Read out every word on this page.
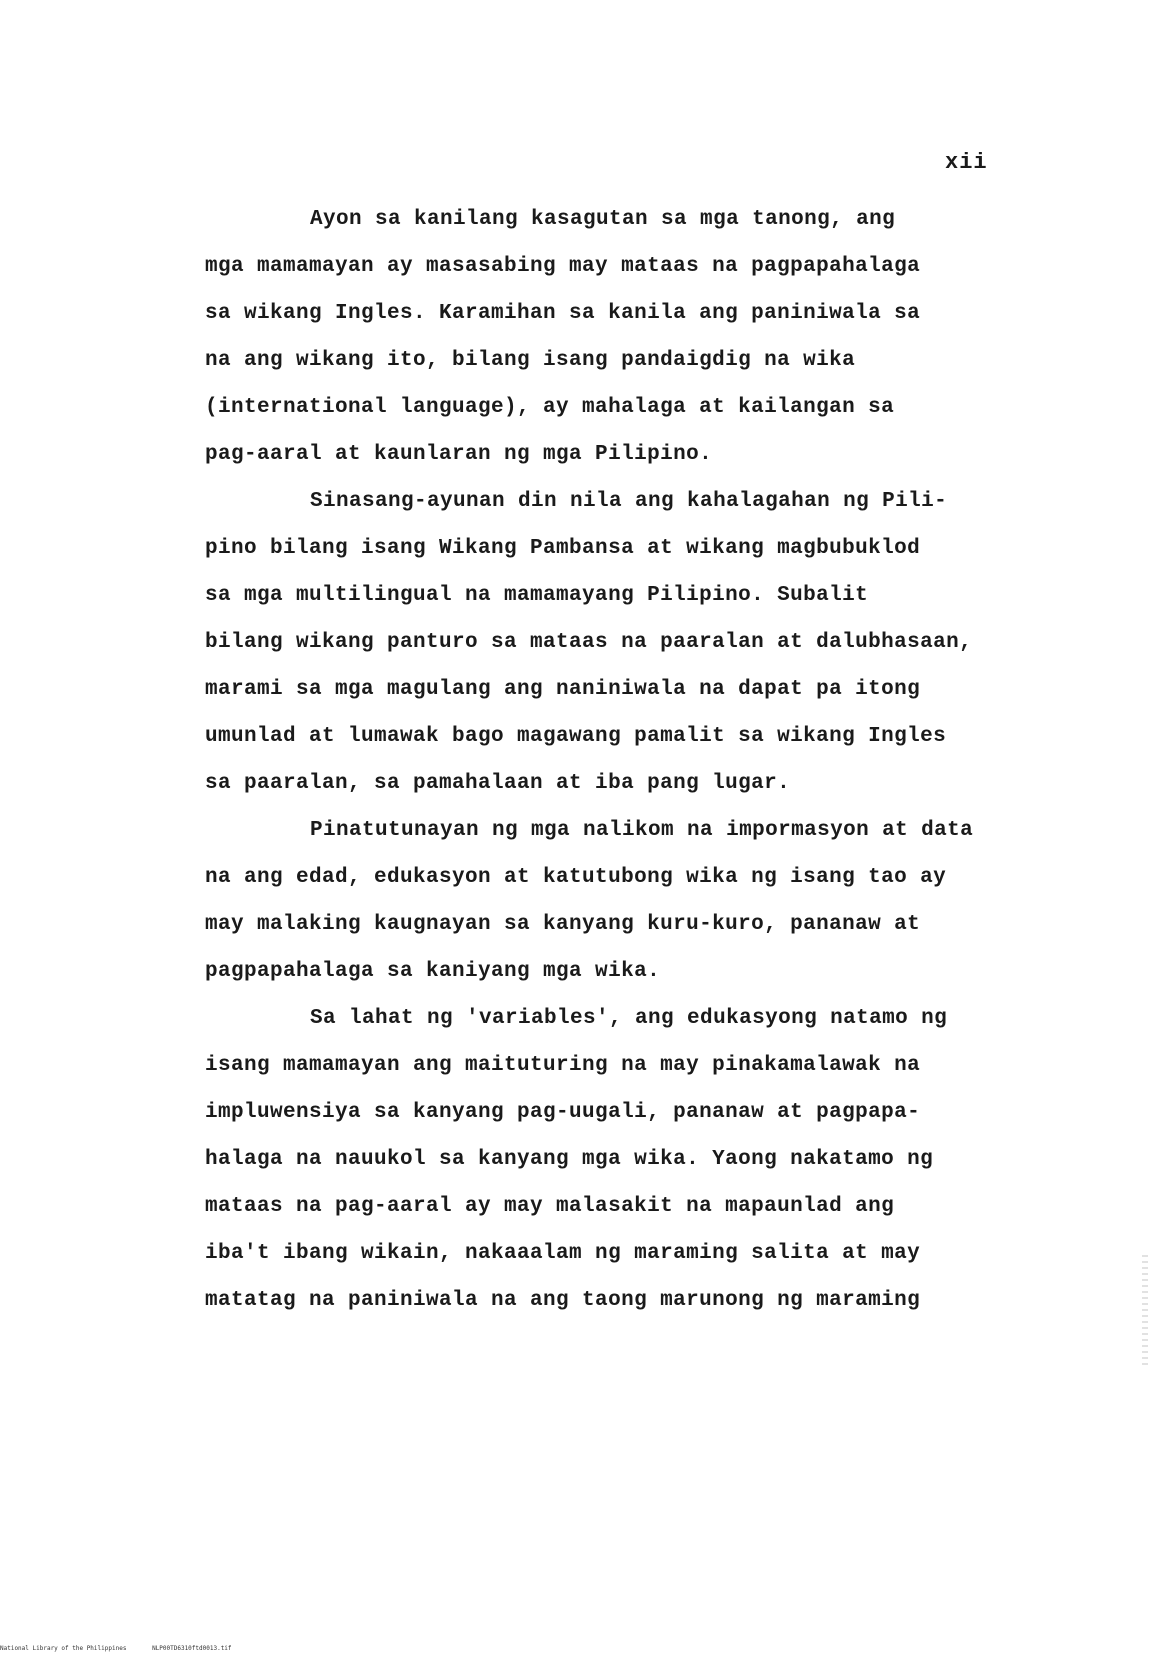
xii

Ayon sa kanilang kasagutan sa mga tanong, ang
mga mamamayan ay masasabing may mataas na pagpapahalaga
sa wikang Ingles. Karamihan sa kanila ang paniniwala sa
na ang wikang ito, bilang isang pandaigdig na wika
(international language), ay mahalaga at kailangan sa
pag-aaral at kaunlaran ng mga Pilipino.

Sinasang-ayunan din nila ang kahalagahan ng Pili-
pino bilang isang Wikang Pambansa at wikang magbubuklod
sa mga multilingual na mamamayang Pilipino. Subalit
bilang wikang panturo sa mataas na paaralan at dalubhasaan,
marami sa mga magulang ang naniniwala na dapat pa itong
umunlad at lumawak bago magawang pamalit sa wikang Ingles
sa paaralan, sa pamahalaan at iba pang lugar.

Pinatutunayan ng mga nalikom na impormasyon at data
na ang edad, edukasyon at katutubong wika ng isang tao ay
may malaking kaugnayan sa kanyang kuru-kuro, pananaw at
pagpapahalaga sa kaniyang mga wika.

Sa lahat ng 'variables', ang edukasyong natamo ng
isang mamamayan ang maituturing na may pinakamalawak na
impluwensiya sa kanyang pag-uugali, pananaw at pagpapa-
halaga na nauukol sa kanyang mga wika. Yaong nakatamo ng
mataas na pag-aaral ay may malasakit na mapaunlad ang
iba't ibang wikain, nakaaalam ng maraming salita at may
matatag na paniniwala na ang taong marunong ng maraming

National Library of the Philippines	NLP00TD6310ftd0013.tif
